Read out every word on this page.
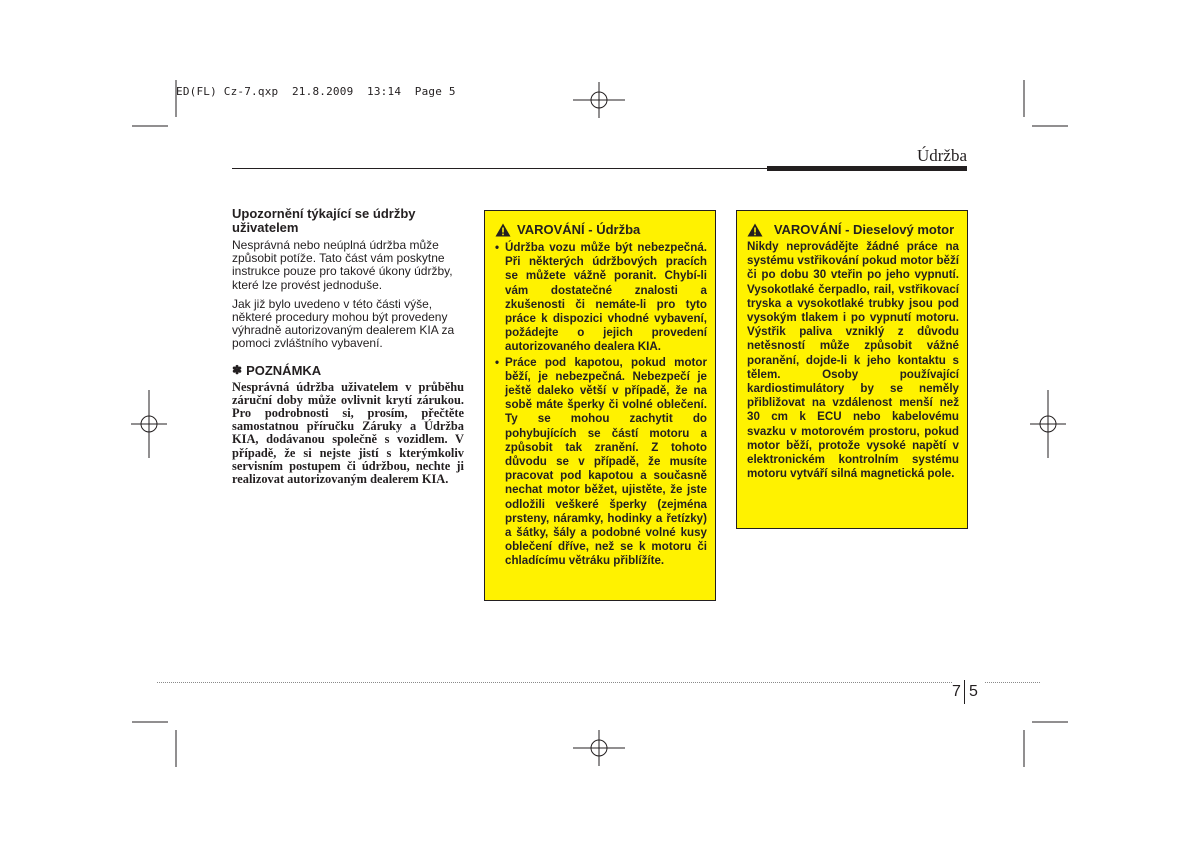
ED(FL) Cz-7.qxp  21.8.2009  13:14  Page 5
Údržba
Upozornění týkající se údržby uživatelem

Nesprávná nebo neúplná údržba může způsobit potíže. Tato část vám poskytne instrukce pouze pro takové úkony údržby, které lze provést jednoduše.

Jak již bylo uvedeno v této části výše, některé procedury mohou být provedeny výhradně autorizovaným dealerem KIA za pomoci zvláštního vybavení.

✽ POZNÁMKA

Nesprávná údržba uživatelem v průběhu záruční doby může ovlivnit krytí zárukou. Pro podrobnosti si, prosím, přečtěte samostatnou příručku Záruky a Údržba KIA, dodávanou společně s vozidlem. V případě, že si nejste jistí s kterýmkoliv servisním postupem či údržbou, nechte ji realizovat autorizovaným dealerem KIA.

VAROVÁNÍ - Údržba
• Údržba vozu může být nebezpečná. Při některých údržbových pracích se můžete vážně poranit. Chybí-li vám dostatečné znalosti a zkušenosti či nemáte-li pro tyto práce k dispozici vhodné vybavení, požádejte o jejich provedení autorizovaného dealera KIA.
• Práce pod kapotou, pokud motor běží, je nebezpečná. Nebezpečí je ještě daleko větší v případě, že na sobě máte šperky či volné oblečení. Ty se mohou zachytit do pohybujících se částí motoru a způsobit tak zranění. Z tohoto důvodu se v případě, že musíte pracovat pod kapotou a současně nechat motor běžet, ujistěte, že jste odložili veškeré šperky (zejména prsteny, náramky, hodinky a řetízky) a šátky, šály a podobné volné kusy oblečení dříve, než se k motoru či chladícímu větráku přiblížíte.
VAROVÁNÍ - Dieselový motor

Nikdy neprovádějte žádné práce na systému vstřikování pokud motor běží či po dobu 30 vteřin po jeho vypnutí. Vysokotlaké čerpadlo, rail, vstřikovací tryska a vysokotlaké trubky jsou pod vysokým tlakem i po vypnutí motoru. Výstřik paliva vzniklý z důvodu netěsností může způsobit vážné poranění, dojde-li k jeho kontaktu s tělem. Osoby používající kardiostimulátory by se neměly přibližovat na vzdálenost menší než 30 cm k ECU nebo kabelovému svazku v motorovém prostoru, pokud motor běží, protože vysoké napětí v elektronickém kontrolním systému motoru vytváří silná magnetická pole.

7 5
